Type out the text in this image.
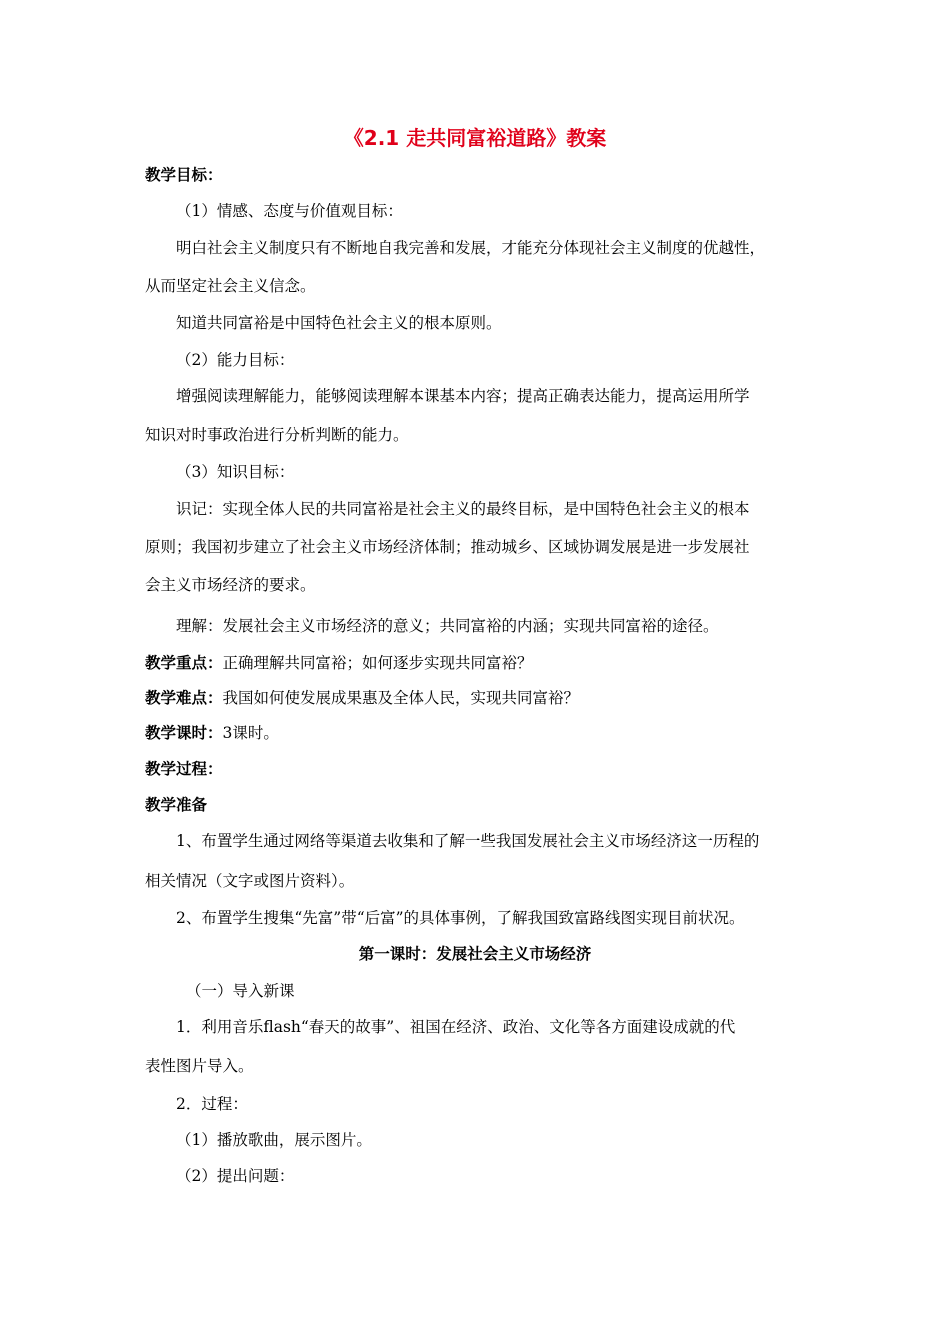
《2.1 走共同富裕道路》教案
教学目标：
（1）情感、态度与价值观目标：
明白社会主义制度只有不断地自我完善和发展，才能充分体现社会主义制度的优越性，
从而坚定社会主义信念。
知道共同富裕是中国特色社会主义的根本原则。
（2）能力目标：
增强阅读理解能力，能够阅读理解本课基本内容；提高正确表达能力，提高运用所学
知识对时事政治进行分析判断的能力。
（3）知识目标：
识记：实现全体人民的共同富裕是社会主义的最终目标，是中国特色社会主义的根本
原则；我国初步建立了社会主义市场经济体制；推动城乡、区域协调发展是进一步发展社
会主义市场经济的要求。
理解：发展社会主义市场经济的意义；共同富裕的内涵；实现共同富裕的途径。
教学重点：正确理解共同富裕；如何逐步实现共同富裕？
教学难点：我国如何使发展成果惠及全体人民，实现共同富裕？
教学课时：3课时。
教学过程：
教学准备
1、布置学生通过网络等渠道去收集和了解一些我国发展社会主义市场经济这一历程的
相关情况（文字或图片资料）。
2、布置学生搜集“先富”带“后富”的具体事例，了解我国致富路线图实现目前状况。
第一课时：发展社会主义市场经济
（一）导入新课
1．利用音乐flash“春天的故事”、祖国在经济、政治、文化等各方面建设成就的代
表性图片导入。
2．过程：
（1）播放歌曲，展示图片。
（2）提出问题：
